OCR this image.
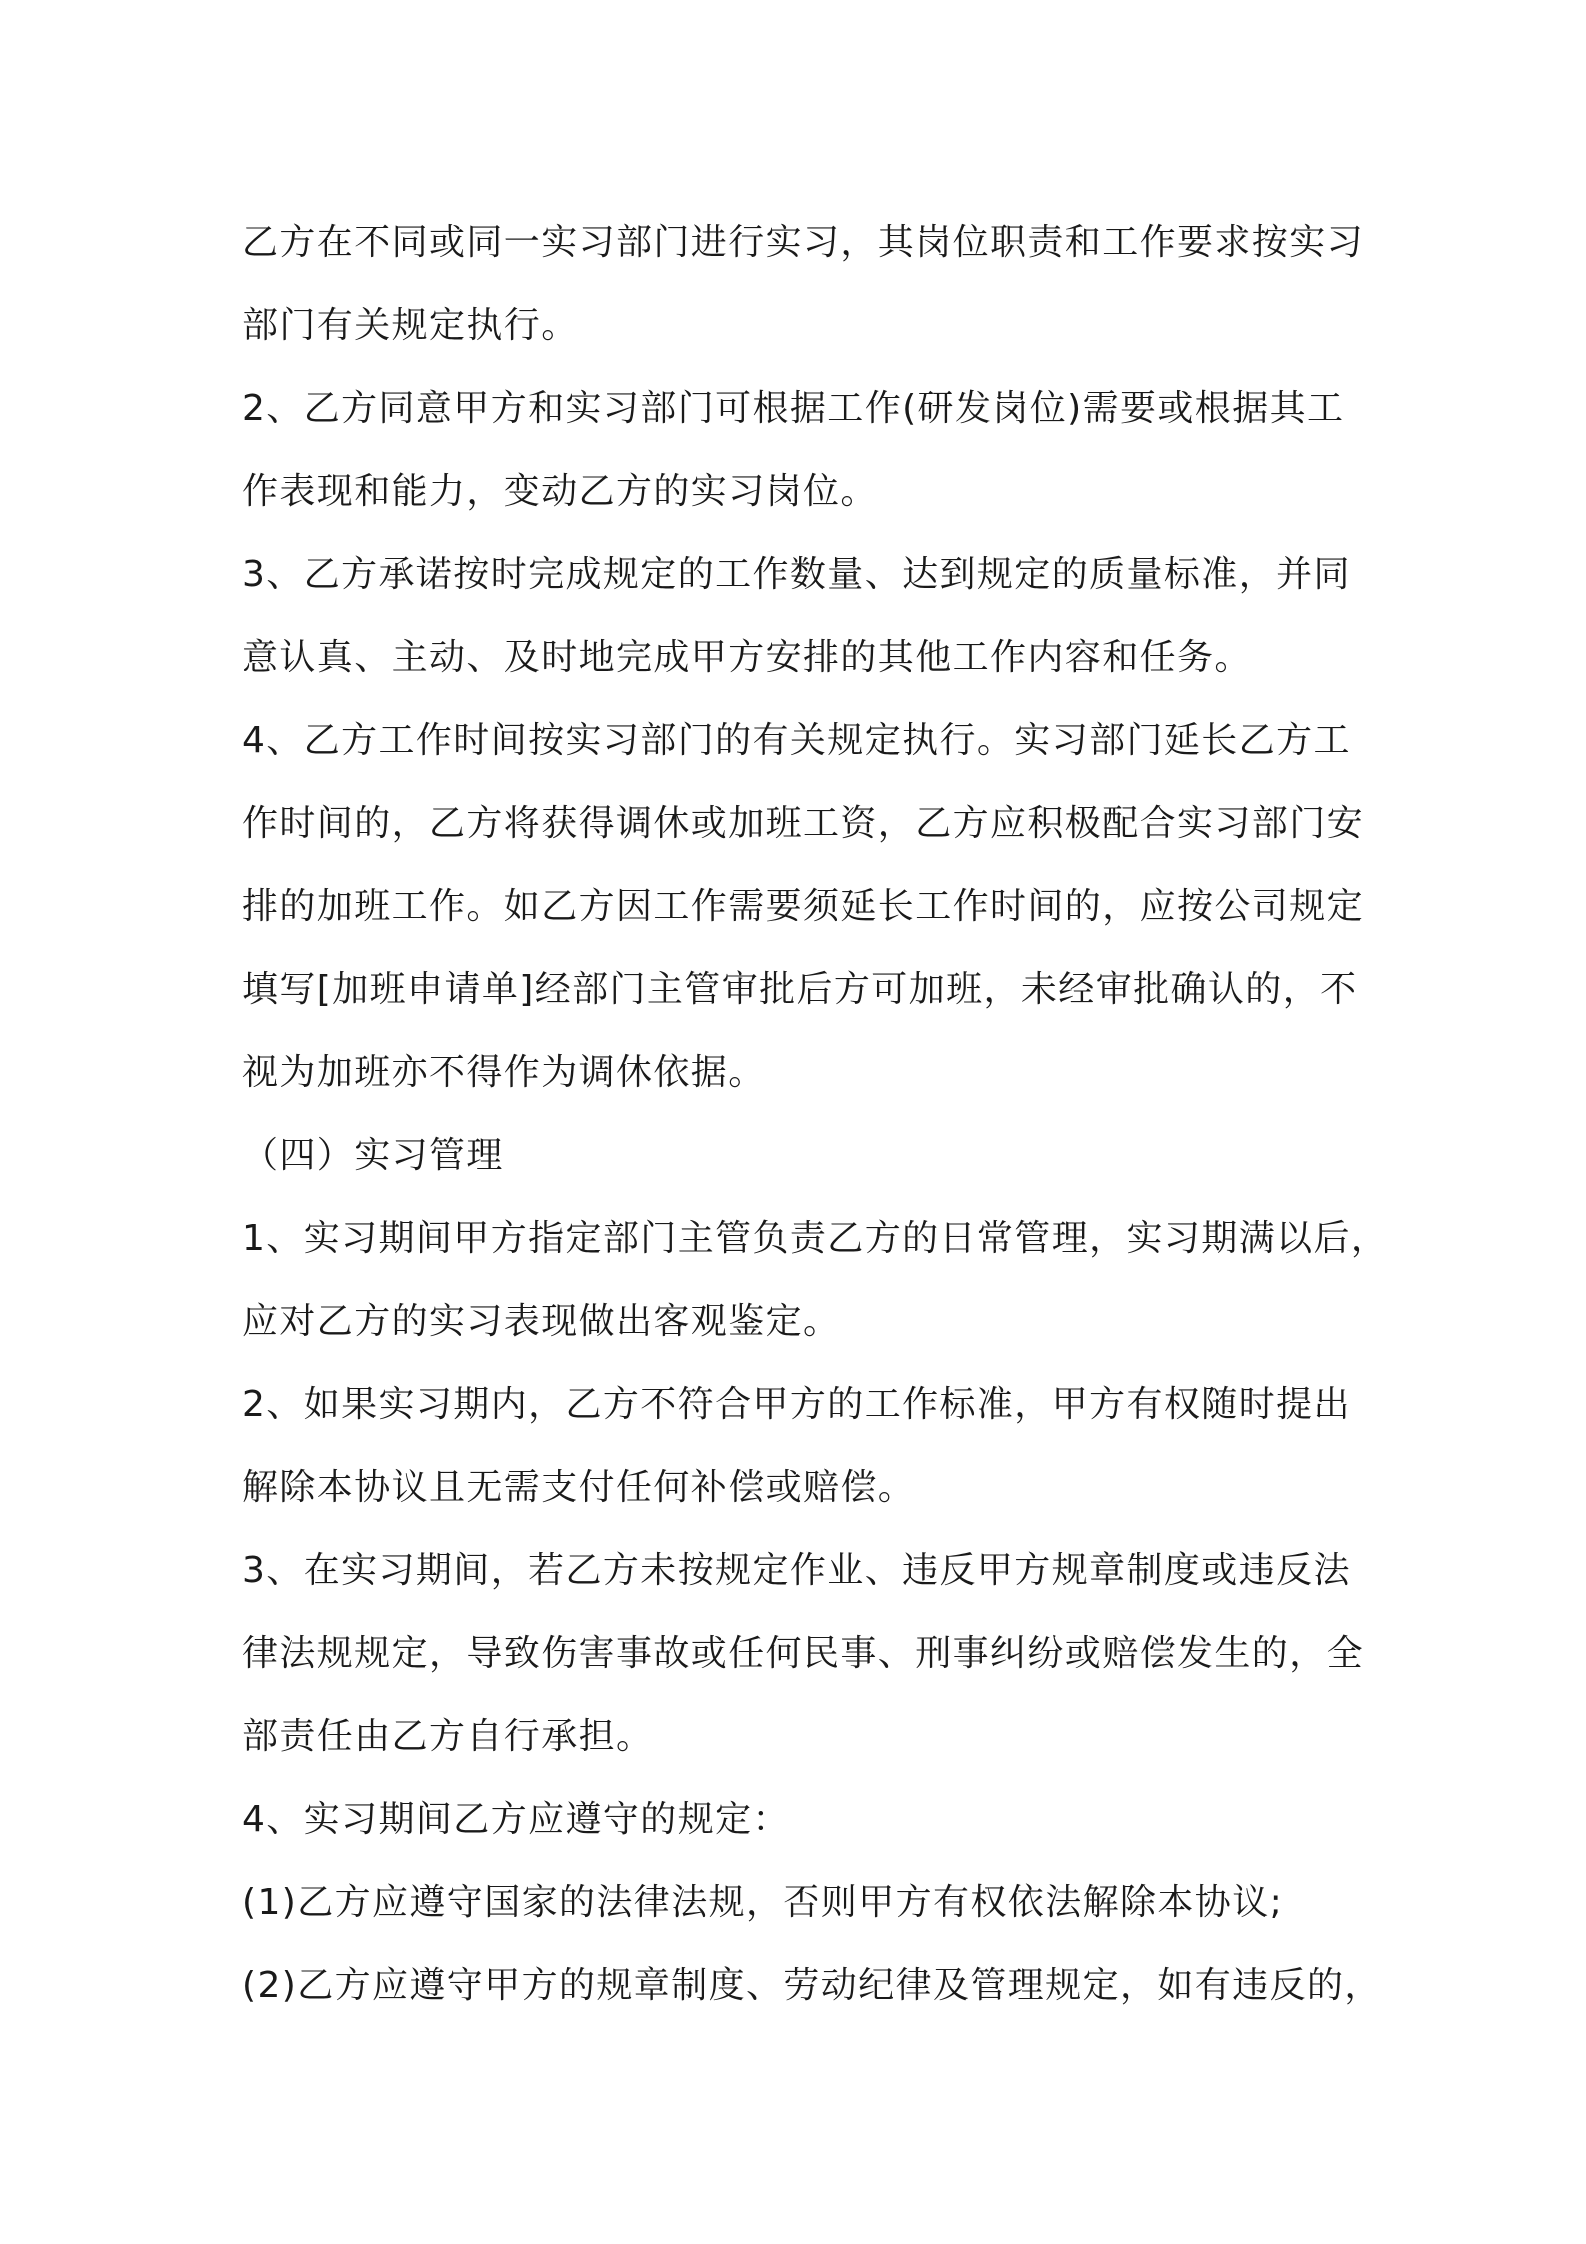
乙方在不同或同一实习部门进行实习，其岗位职责和工作要求按实习
部门有关规定执行。
2、乙方同意甲方和实习部门可根据工作(研发岗位)需要或根据其工
作表现和能力，变动乙方的实习岗位。
3、乙方承诺按时完成规定的工作数量、达到规定的质量标准，并同
意认真、主动、及时地完成甲方安排的其他工作内容和任务。
4、乙方工作时间按实习部门的有关规定执行。实习部门延长乙方工
作时间的，乙方将获得调休或加班工资，乙方应积极配合实习部门安
排的加班工作。如乙方因工作需要须延长工作时间的，应按公司规定
填写[加班申请单]经部门主管审批后方可加班，未经审批确认的，不
视为加班亦不得作为调休依据。
（四）实习管理
1、实习期间甲方指定部门主管负责乙方的日常管理，实习期满以后，
应对乙方的实习表现做出客观鉴定。
2、如果实习期内，乙方不符合甲方的工作标准，甲方有权随时提出
解除本协议且无需支付任何补偿或赔偿。
3、在实习期间，若乙方未按规定作业、违反甲方规章制度或违反法
律法规规定，导致伤害事故或任何民事、刑事纠纷或赔偿发生的，全
部责任由乙方自行承担。
4、实习期间乙方应遵守的规定：
(1)乙方应遵守国家的法律法规，否则甲方有权依法解除本协议;
(2)乙方应遵守甲方的规章制度、劳动纪律及管理规定，如有违反的，
